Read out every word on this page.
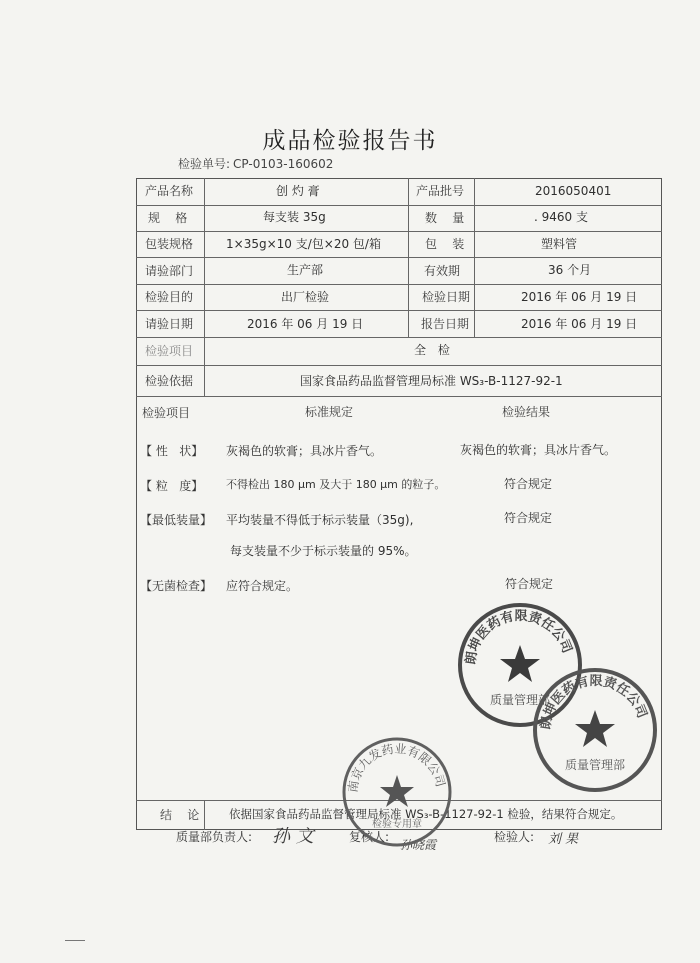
成品检验报告书
检验单号: CP-0103-160602
产品名称	创 灼 膏	产品批号	2016050401
规    格	每支装 35g	数    量	. 9460 支
包装规格	1×35g×10 支/包×20 包/箱	包    装	塑料管
请验部门	生产部	有效期	36 个月
检验目的	出厂检验	检验日期	2016 年 06 月 19 日
请验日期	2016 年 06 月 19 日	报告日期	2016 年 06 月 19 日
检验项目	全 检
检验依据	国家食品药品监督管理局标准 WS₃-B-1127-92-1
检验项目	标准规定	检验结果
【 性   状】 灰褐色的软膏；具冰片香气。	灰褐色的软膏；具冰片香气。
【 粒   度】 不得检出 180 μm 及大于 180 μm 的粒子。	符合规定
【最低装量】 平均装量不得低于标示装量（35g),	符合规定
每支装量不少于标示装量的 95%。
【无菌检查】 应符合规定。	符合规定
结    论	依据国家食品药品监督管理局标准 WS₃-B-1127-92-1 检验，结果符合规定。
质量部负责人: 孙 文	复核人:
孙晓霞
检验人: 刘 果
朗坤医药有限责任公司
质量管理部
朗坤医药有限责任公司
质量管理部
南京九发药业有限公司
检验专用章
